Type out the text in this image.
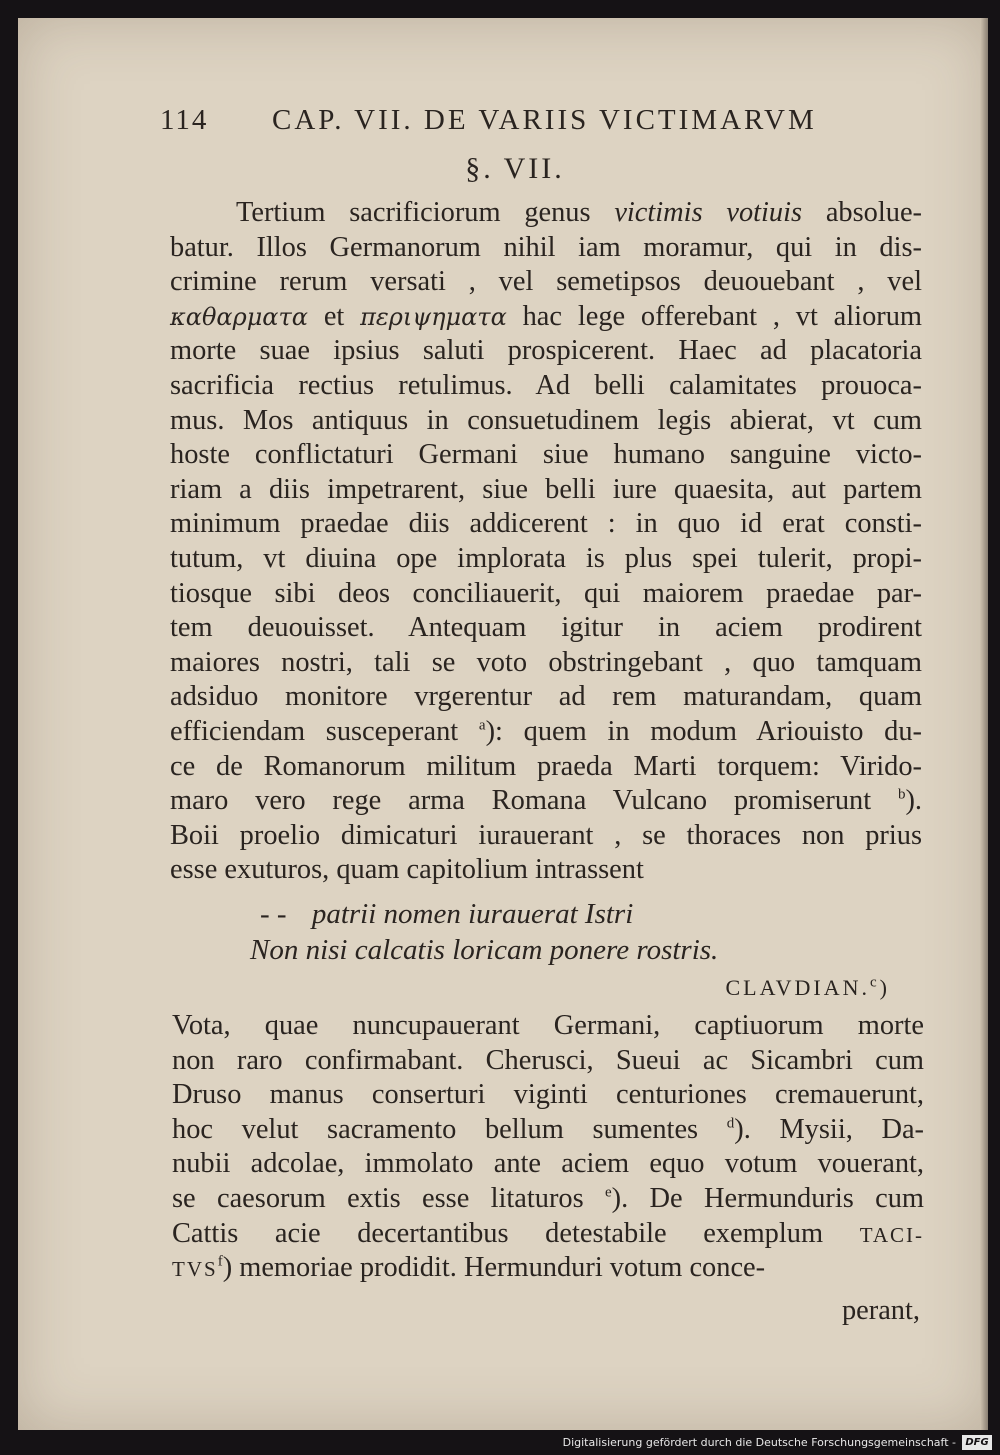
114 CAP. VII. DE VARIIS VICTIMARVM
§. VII.
Tertium sacrificiorum genus victimis votiuis absolue-
batur. Illos Germanorum nihil iam moramur, qui in dis-
crimine rerum versati , vel semetipsos deuouebant , vel
καθαρματα et περιψηματα hac lege offerebant , vt aliorum
morte suae ipsius saluti prospicerent. Haec ad placatoria
sacrificia rectius retulimus. Ad belli calamitates prouoca-
mus. Mos antiquus in consuetudinem legis abierat, vt cum
hoste conflictaturi Germani siue humano sanguine victo-
riam a diis impetrarent, siue belli iure quaesita, aut partem
minimum praedae diis addicerent : in quo id erat consti-
tutum, vt diuina ope implorata is plus spei tulerit, propi-
tiosque sibi deos conciliauerit, qui maiorem praedae par-
tem deuouisset. Antequam igitur in aciem prodirent
maiores nostri, tali se voto obstringebant , quo tamquam
adsiduo monitore vrgerentur ad rem maturandam, quam
efficiendam susceperant $^a$): quem in modum Ariouisto du-
ce de Romanorum militum praeda Marti torquem: Virido-
maro vero rege arma Romana Vulcano promiserunt $^b$).
Boii proelio dimicaturi iurauerant , se thoraces non prius
esse exuturos, quam capitolium intrassent
- - patrii nomen iurauerat Istri
Non nisi calcatis loricam ponere rostris.
CLAVDIAN.$^c$)
Vota, quae nuncupauerant Germani, captiuorum morte
non raro confirmabant. Cherusci, Sueui ac Sicambri cum
Druso manus conserturi viginti centuriones cremauerunt,
hoc velut sacramento bellum sumentes $^d$). Mysii, Da-
nubii adcolae, immolato ante aciem equo votum vouerant,
se caesorum extis esse litaturos $^e$). De Hermunduris cum
Cattis acie decertantibus detestabile exemplum TACI-
TVS$^f$) memoriae prodidit. Hermunduri votum conce-
perant,
Digitalisierung gefördert durch die Deutsche Forschungsgemeinschaft - DFG
